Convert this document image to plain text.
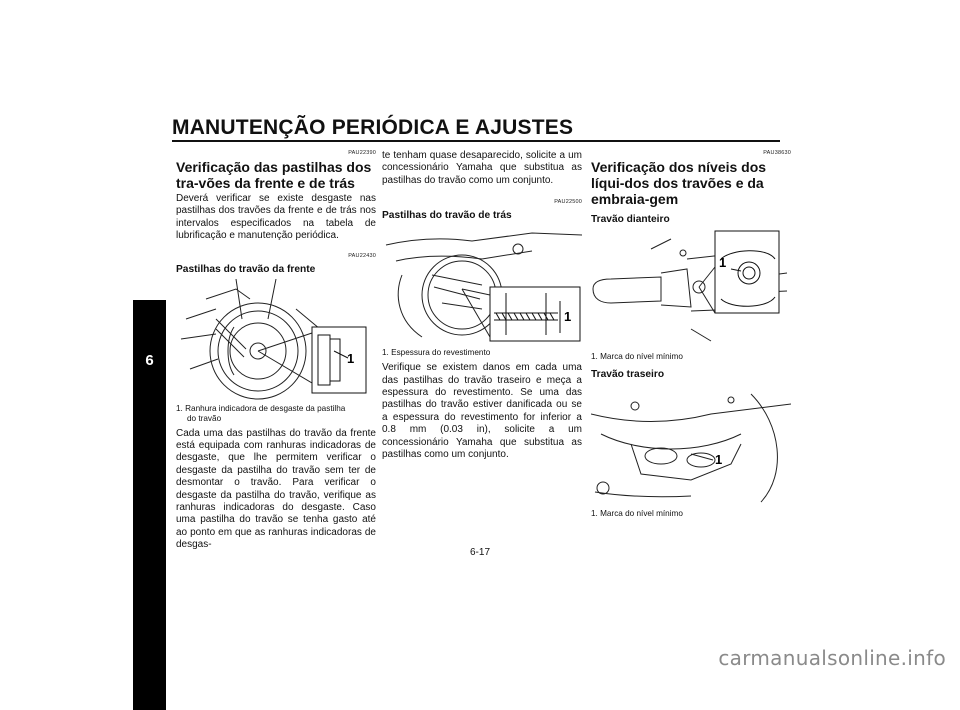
MANUTENÇÃO PERIÓDICA E AJUSTES
6
PAU22390
Verificação das pastilhas dos tra-vões da frente e de trás

Deverá verificar se existe desgaste nas pastilhas dos travões da frente e de trás nos intervalos especificados na tabela de lubrificação e manutenção periódica.

PAU22430
Pastilhas do travão da frente
1
1. Ranhura indicadora de desgaste da pastilha
do travão

Cada uma das pastilhas do travão da frente está equipada com ranhuras indicadoras de desgaste, que lhe permitem verificar o desgaste da pastilha do travão sem ter de desmontar o travão. Para verificar o desgaste da pastilha do travão, verifique as ranhuras indicadoras do desgaste. Caso uma pastilha do travão se tenha gasto até ao ponto em que as ranhuras indicadoras de desgas-

te tenham quase desaparecido, solicite a um concessionário Yamaha que substitua as pastilhas do travão como um conjunto.

PAU22500
Pastilhas do travão de trás
1
1. Espessura do revestimento

Verifique se existem danos em cada uma das pastilhas do travão traseiro e meça a espessura do revestimento. Se uma das pastilhas do travão estiver danificada ou se a espessura do revestimento for inferior a 0.8 mm (0.03 in), solicite a um concessionário Yamaha que substitua as pastilhas como um conjunto.

PAU38630
Verificação dos níveis dos líqui-dos dos travões e da embraia-gem
Travão dianteiro
1
1. Marca do nível mínimo
Travão traseiro
1
1. Marca do nível mínimo
6-17
carmanualsonline.info
